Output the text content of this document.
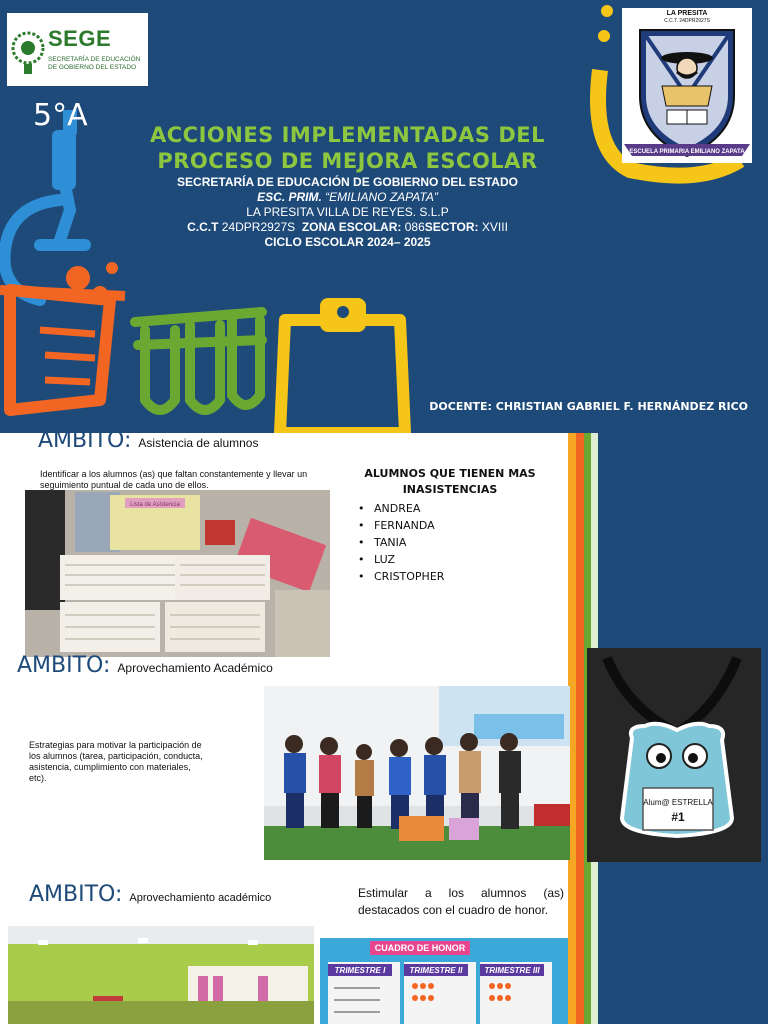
SEGE
SECRETARÍA DE EDUCACIÓN DE GOBIERNO DEL ESTADO
5°A
ACCIONES IMPLEMENTADAS DEL PROCESO DE MEJORA ESCOLAR
SECRETARÍA DE EDUCACIÓN DE GOBIERNO DEL ESTADO
ESC. PRIM. “EMILIANO ZAPATA”
LA PRESITA VILLA DE REYES. S.L.P
C.C.T 24DPR2927S ZONA ESCOLAR: 086SECTOR: XVIII
CICLO ESCOLAR 2024– 2025
DOCENTE: CHRISTIAN GABRIEL F. HERNÁNDEZ RICO
LA PRESITA
C.C.T. 24DPR2927S
ESCUELA PRIMARIA EMILIANO ZAPATA
AMBITO: Asistencia de alumnos
Identificar a los alumnos (as) que faltan constantemente y llevar un seguimiento puntual de cada uno de ellos.
Lista de Asistencia
ALUMNOS QUE TIENEN MAS INASISTENCIAS
• ANDREA
• FERNANDA
• TANIA
• LUZ
• CRISTOPHER
AMBITO: Aprovechamiento Académico
Estrategias para motivar la participación de los alumnos (tarea, participación, conducta, asistencia, cumplimiento con materiales, etc).
Alum@ ESTRELLA
#1
AMBITO: Aprovechamiento académico	Estimular a los alumnos (as) destacados con el cuadro de honor.
CUADRO DE HONOR
TRIMESTRE I	TRIMESTRE II	TRIMESTRE III
